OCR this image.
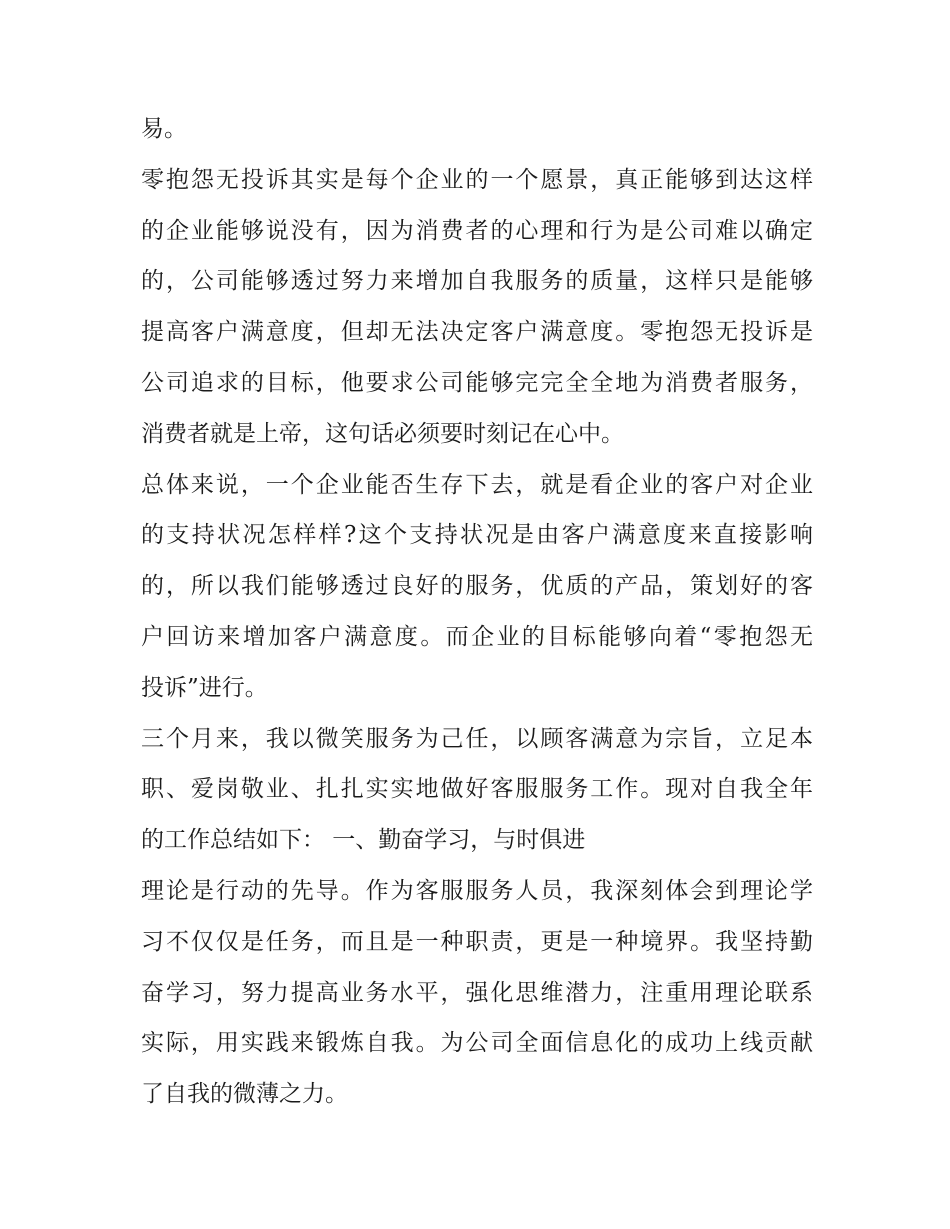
易。
零抱怨无投诉其实是每个企业的一个愿景，真正能够到达这样
的企业能够说没有，因为消费者的心理和行为是公司难以确定
的，公司能够透过努力来增加自我服务的质量，这样只是能够
提高客户满意度，但却无法决定客户满意度。零抱怨无投诉是
公司追求的目标，他要求公司能够完完全全地为消费者服务，
消费者就是上帝，这句话必须要时刻记在心中。
总体来说，一个企业能否生存下去，就是看企业的客户对企业
的支持状况怎样样?这个支持状况是由客户满意度来直接影响
的，所以我们能够透过良好的服务，优质的产品，策划好的客
户回访来增加客户满意度。而企业的目标能够向着“零抱怨无
投诉”进行。
三个月来，我以微笑服务为己任，以顾客满意为宗旨，立足本
职、爱岗敬业、扎扎实实地做好客服服务工作。现对自我全年
的工作总结如下： 一、勤奋学习，与时俱进
理论是行动的先导。作为客服服务人员，我深刻体会到理论学
习不仅仅是任务，而且是一种职责，更是一种境界。我坚持勤
奋学习，努力提高业务水平，强化思维潜力，注重用理论联系
实际，用实践来锻炼自我。为公司全面信息化的成功上线贡献
了自我的微薄之力。
